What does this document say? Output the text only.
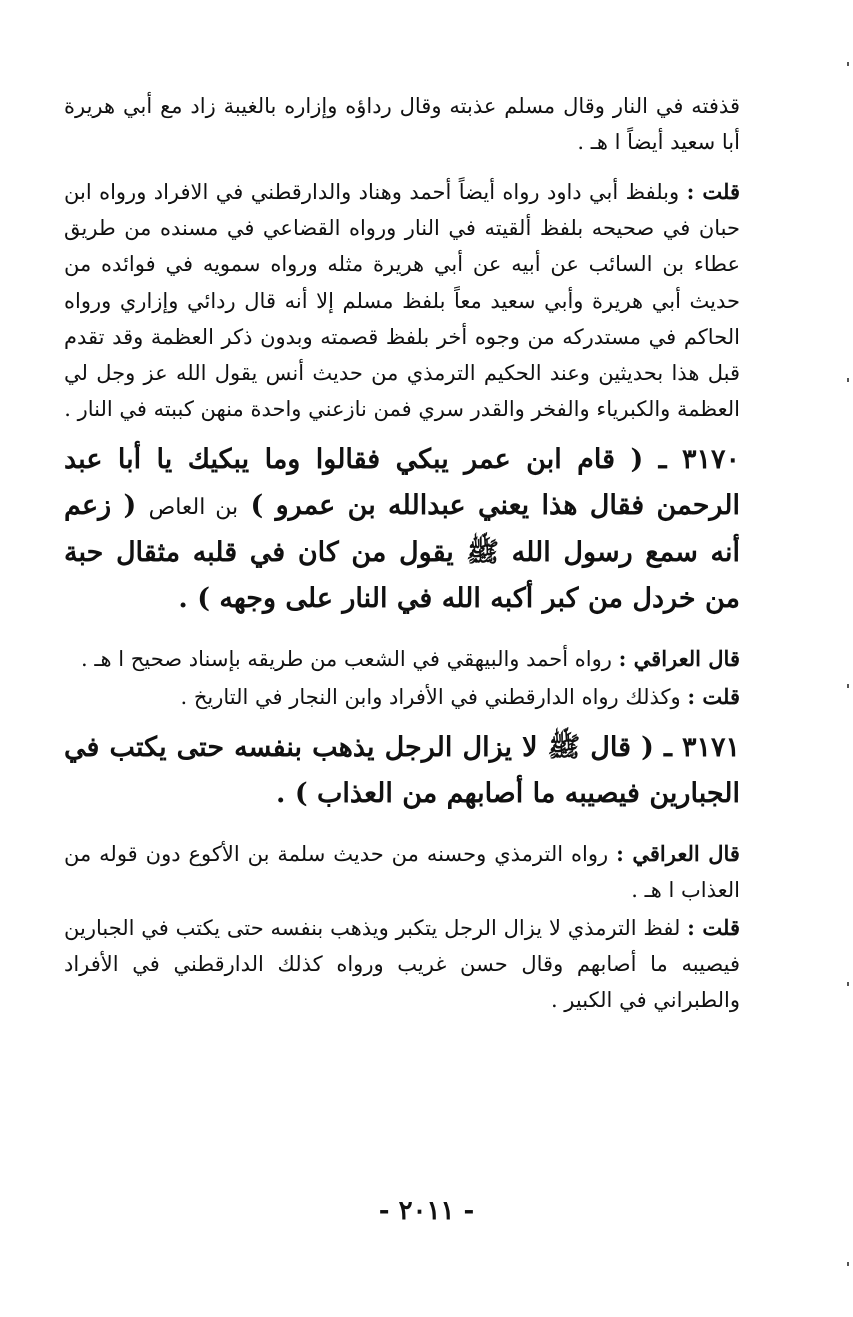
قذفته في النار وقال مسلم عذبته وقال رداؤه وإزاره بالغيبة زاد مع أبي هريرة أبا سعيد أيضاً ا هـ .

قلت : وبلفظ أبي داود رواه أيضاً أحمد وهناد والدارقطني في الافراد ورواه ابن حبان في صحيحه بلفظ ألقيته في النار ورواه القضاعي في مسنده من طريق عطاء بن السائب عن أبيه عن أبي هريرة مثله ورواه سمويه في فوائده من حديث أبي هريرة وأبي سعيد معاً بلفظ مسلم إلا أنه قال ردائي وإزاري ورواه الحاكم في مستدركه من وجوه أخر بلفظ قصمته وبدون ذكر العظمة وقد تقدم قبل هذا بحديثين وعند الحكيم الترمذي من حديث أنس يقول الله عز وجل لي العظمة والكبرياء والفخر والقدر سري فمن نازعني واحدة منهن كببته في النار .

٣١٧٠ ـ ( قام ابن عمر يبكي فقالوا وما يبكيك يا أبا عبد الرحمن فقال هذا يعني عبدالله بن عمرو ) بن العاص ( زعم أنه سمع رسول الله ﷺ يقول من كان في قلبه مثقال حبة من خردل من كبر أكبه الله في النار على وجهه ) .

قال العراقي : رواه أحمد والبيهقي في الشعب من طريقه بإسناد صحيح ا هـ .

قلت : وكذلك رواه الدارقطني في الأفراد وابن النجار في التاريخ .

٣١٧١ ـ ( قال ﷺ لا يزال الرجل يذهب بنفسه حتى يكتب في الجبارين فيصيبه ما أصابهم من العذاب ) .

قال العراقي : رواه الترمذي وحسنه من حديث سلمة بن الأكوع دون قوله من العذاب ا هـ .

قلت : لفظ الترمذي لا يزال الرجل يتكبر ويذهب بنفسه حتى يكتب في الجبارين فيصيبه ما أصابهم وقال حسن غريب ورواه كذلك الدارقطني في الأفراد والطبراني في الكبير .

- ٢٠١١ -
